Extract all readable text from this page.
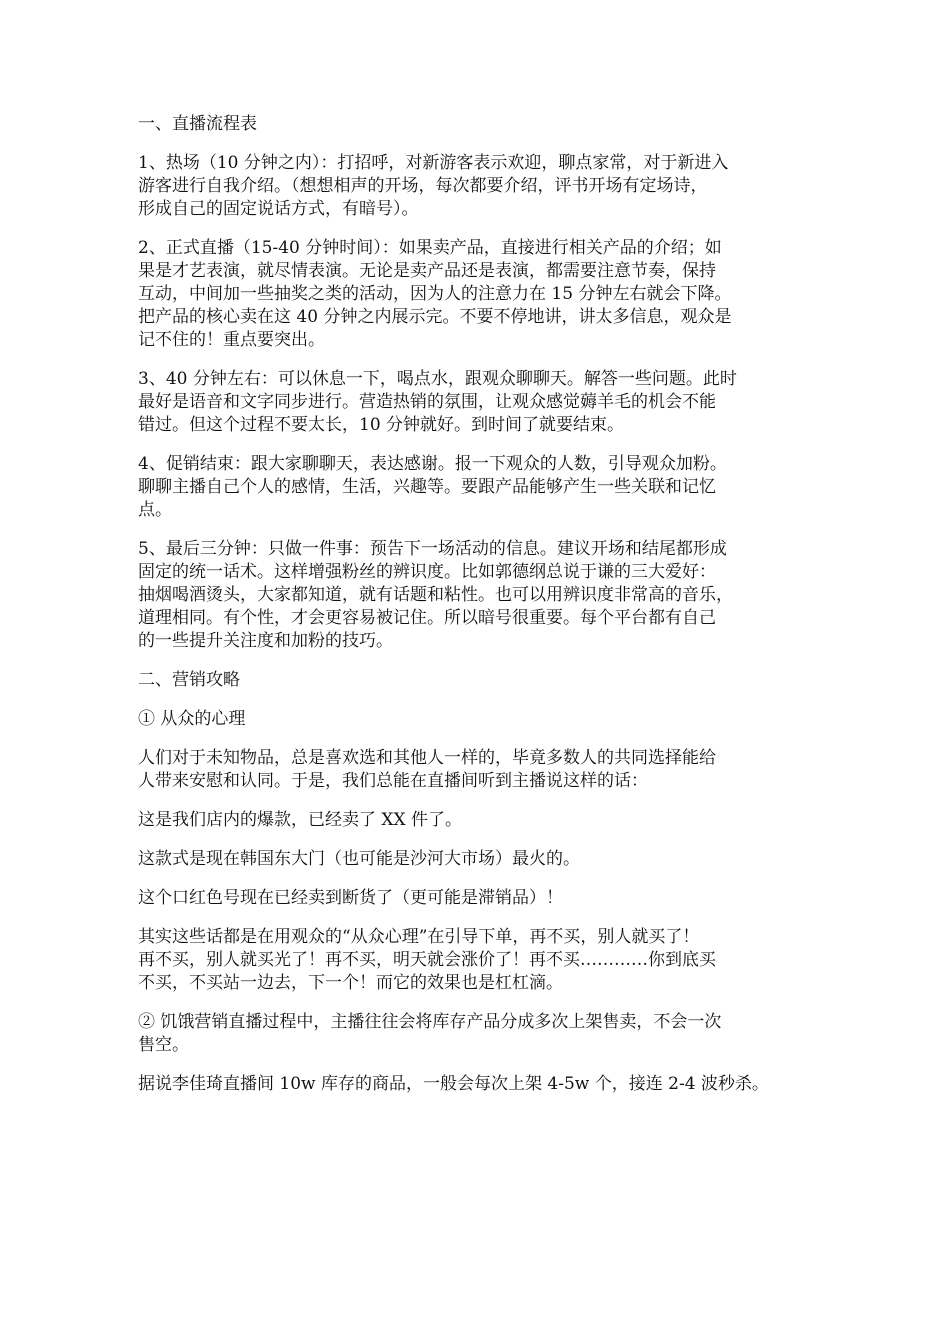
一、直播流程表

1、热场（10 分钟之内）：打招呼，对新游客表示欢迎，聊点家常，对于新进入
游客进行自我介绍。（想想相声的开场，每次都要介绍，评书开场有定场诗，
形成自己的固定说话方式，有暗号）。

2、正式直播（15-40 分钟时间）：如果卖产品，直接进行相关产品的介绍；如
果是才艺表演，就尽情表演。无论是卖产品还是表演，都需要注意节奏，保持
互动，中间加一些抽奖之类的活动，因为人的注意力在 15 分钟左右就会下降。
把产品的核心卖在这 40 分钟之内展示完。不要不停地讲，讲太多信息，观众是
记不住的！重点要突出。

3、40 分钟左右：可以休息一下，喝点水，跟观众聊聊天。解答一些问题。此时
最好是语音和文字同步进行。营造热销的氛围，让观众感觉薅羊毛的机会不能
错过。但这个过程不要太长，10 分钟就好。到时间了就要结束。

4、促销结束：跟大家聊聊天，表达感谢。报一下观众的人数，引导观众加粉。
聊聊主播自己个人的感情，生活，兴趣等。要跟产品能够产生一些关联和记忆
点。

5、最后三分钟：只做一件事：预告下一场活动的信息。建议开场和结尾都形成
固定的统一话术。这样增强粉丝的辨识度。比如郭德纲总说于谦的三大爱好：
抽烟喝酒烫头，大家都知道，就有话题和粘性。也可以用辨识度非常高的音乐，
道理相同。有个性，才会更容易被记住。所以暗号很重要。每个平台都有自己
的一些提升关注度和加粉的技巧。

二、营销攻略

① 从众的心理

人们对于未知物品，总是喜欢选和其他人一样的，毕竟多数人的共同选择能给
人带来安慰和认同。于是，我们总能在直播间听到主播说这样的话：

这是我们店内的爆款，已经卖了 XX 件了。

这款式是现在韩国东大门（也可能是沙河大市场）最火的。

这个口红色号现在已经卖到断货了（更可能是滞销品）！

其实这些话都是在用观众的“从众心理”在引导下单，再不买，别人就买了！
再不买，别人就买光了！再不买，明天就会涨价了！再不买…………你到底买
不买，不买站一边去，下一个！而它的效果也是杠杠滴。

② 饥饿营销直播过程中，主播往往会将库存产品分成多次上架售卖，不会一次
售空。

据说李佳琦直播间 10w 库存的商品，一般会每次上架 4-5w 个，接连 2-4 波秒杀。
